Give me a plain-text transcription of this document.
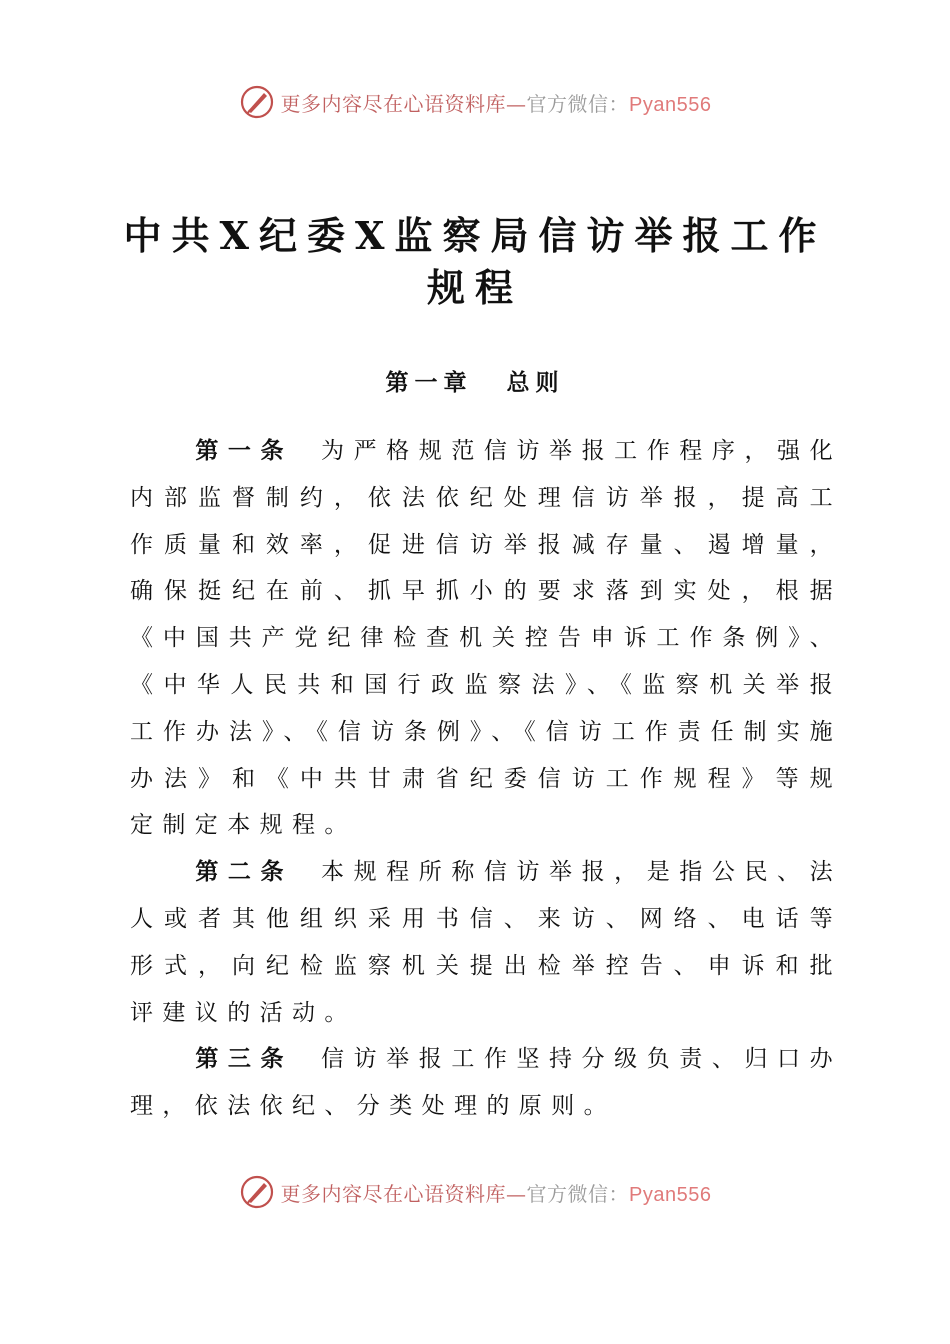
更多内容尽在心语资料库—官方微信：Pyan556
中共X纪委X监察局信访举报工作规程
第一章 总则

第一条 为严格规范信访举报工作程序，强化内部监督制约，依法依纪处理信访举报，提高工作质量和效率，促进信访举报减存量、遏增量，确保挺纪在前、抓早抓小的要求落到实处，根据《中国共产党纪律检查机关控告申诉工作条例》、《中华人民共和国行政监察法》、《监察机关举报工作办法》、《信访条例》、《信访工作责任制实施办法》和《中共甘肃省纪委信访工作规程》等规定制定本规程。

第二条 本规程所称信访举报，是指公民、法人或者其他组织采用书信、来访、网络、电话等形式，向纪检监察机关提出检举控告、申诉和批评建议的活动。

第三条 信访举报工作坚持分级负责、归口办理，依法依纪、分类处理的原则。

更多内容尽在心语资料库—官方微信：Pyan556
